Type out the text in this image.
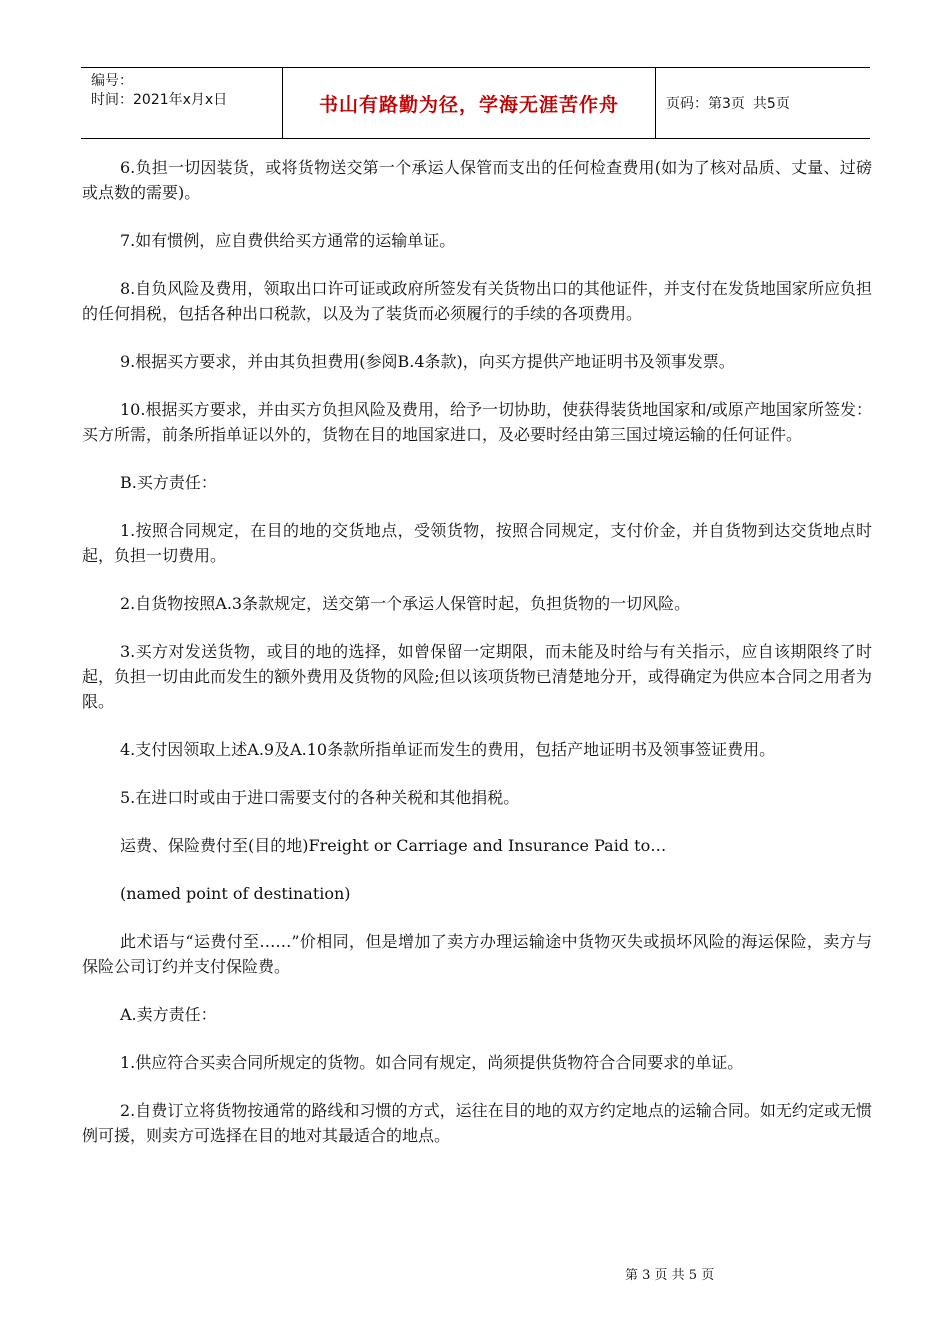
编号：
时间：2021年x月x日	书山有路勤为径，学海无涯苦作舟	页码：第3页 共5页

6.负担一切因装货，或将货物送交第一个承运人保管而支出的任何检查费用(如为了核对品质、丈量、过磅或点数的需要)。

7.如有惯例，应自费供给买方通常的运输单证。

8.自负风险及费用，领取出口许可证或政府所签发有关货物出口的其他证件，并支付在发货地国家所应负担的任何捐税，包括各种出口税款，以及为了装货而必须履行的手续的各项费用。

9.根据买方要求，并由其负担费用(参阅B.4条款)，向买方提供产地证明书及领事发票。

10.根据买方要求，并由买方负担风险及费用，给予一切协助，使获得装货地国家和/或原产地国家所签发：买方所需，前条所指单证以外的，货物在目的地国家进口，及必要时经由第三国过境运输的任何证件。

B.买方责任：

1.按照合同规定，在目的地的交货地点，受领货物，按照合同规定，支付价金，并自货物到达交货地点时起，负担一切费用。

2.自货物按照A.3条款规定，送交第一个承运人保管时起，负担货物的一切风险。

3.买方对发送货物，或目的地的选择，如曾保留一定期限，而未能及时给与有关指示，应自该期限终了时起，负担一切由此而发生的额外费用及货物的风险;但以该项货物已清楚地分开，或得确定为供应本合同之用者为限。

4.支付因领取上述A.9及A.10条款所指单证而发生的费用，包括产地证明书及领事签证费用。

5.在进口时或由于进口需要支付的各种关税和其他捐税。

运费、保险费付至(目的地)Freight or Carriage and Insurance Paid to…

(named point of destination)

此术语与“运费付至……”价相同，但是增加了卖方办理运输途中货物灭失或损坏风险的海运保险，卖方与保险公司订约并支付保险费。

A.卖方责任：

1.供应符合买卖合同所规定的货物。如合同有规定，尚须提供货物符合合同要求的单证。

2.自费订立将货物按通常的路线和习惯的方式，运往在目的地的双方约定地点的运输合同。如无约定或无惯例可援，则卖方可选择在目的地对其最适合的地点。

第 3 页 共 5 页
